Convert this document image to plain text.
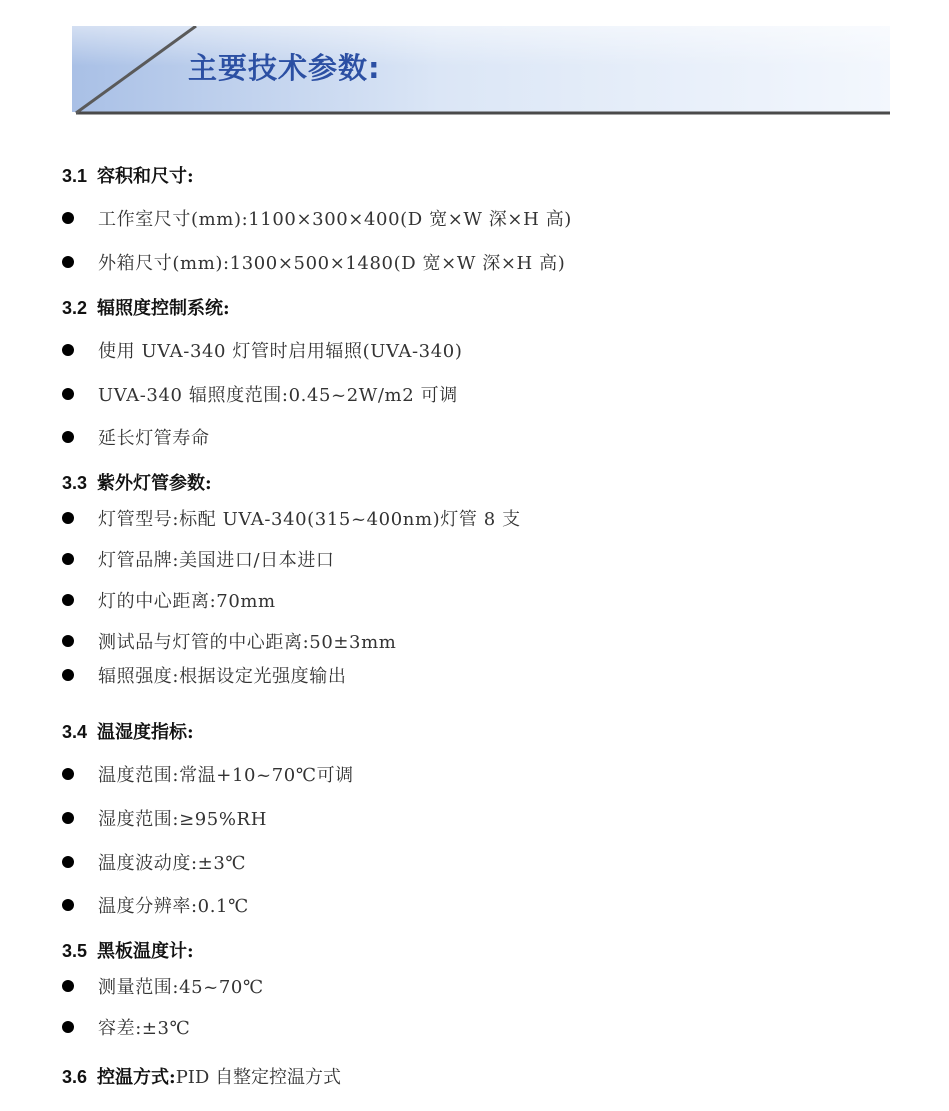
主要技术参数:
3.1 容积和尺寸:
工作室尺寸(mm):1100×300×400(D 宽×W 深×H 高)
外箱尺寸(mm):1300×500×1480(D 宽×W 深×H 高)
3.2 辐照度控制系统:
使用 UVA-340 灯管时启用辐照(UVA-340)
UVA-340 辐照度范围:0.45~2W/m2 可调
延长灯管寿命
3.3 紫外灯管参数:
灯管型号:标配 UVA-340(315~400nm)灯管 8 支
灯管品牌:美国进口/日本进口
灯的中心距离:70mm
测试品与灯管的中心距离:50±3mm
辐照强度:根据设定光强度输出
3.4 温湿度指标:
温度范围:常温+10~70℃可调
湿度范围:≥95%RH
温度波动度:±3℃
温度分辨率:0.1℃
3.5 黑板温度计:
测量范围:45~70℃
容差:±3℃
3.6 控温方式:PID 自整定控温方式
